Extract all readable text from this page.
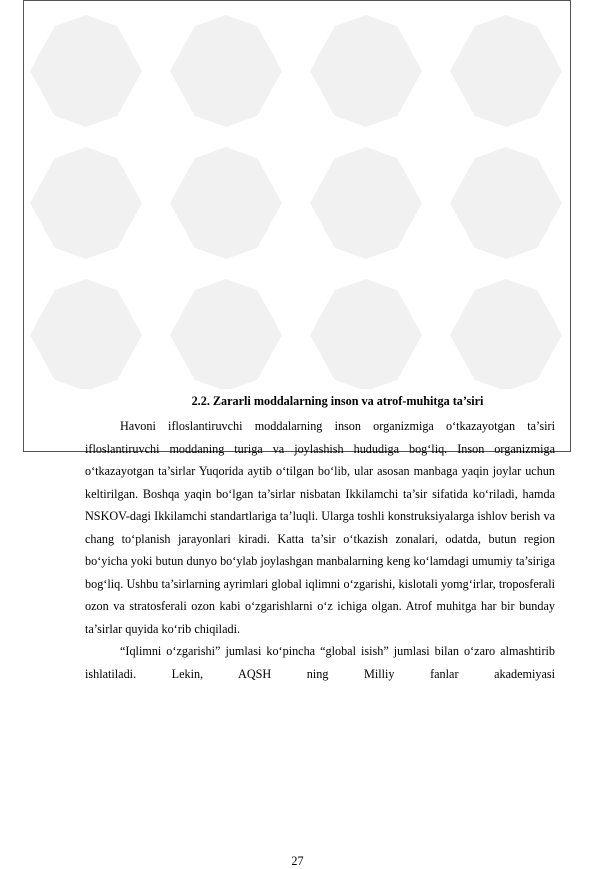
2.2. Zararli moddalarning inson va atrof-muhitga ta’siri

Havoni ifloslantiruvchi moddalarning inson organizmiga o‘tkazayotgan ta’siri ifloslantiruvchi moddaning turiga va joylashish hududiga bog‘liq. Inson organizmiga o‘tkazayotgan ta’sirlar Yuqorida aytib o‘tilgan bo‘lib, ular asosan manbaga yaqin joylar uchun keltirilgan. Boshqa yaqin bo‘lgan ta’sirlar nisbatan Ikkilamchi ta’sir sifatida ko‘riladi, hamda NSKOV-dagi Ikkilamchi standartlariga ta’luqli. Ularga toshli konstruksiyalarga ishlov berish va chang to‘planish jarayonlari kiradi. Katta ta’sir o‘tkazish zonalari, odatda, butun region bo‘yicha yoki butun dunyo bo‘ylab joylashgan manbalarning keng ko‘lamdagi umumiy ta’siriga bog‘liq. Ushbu ta’sirlarning ayrimlari global iqlimni o‘zgarishi, kislotali yomg‘irlar, troposferali ozon va stratosferali ozon kabi o‘zgarishlarni o‘z ichiga olgan. Atrof muhitga har bir bunday ta’sirlar quyida ko‘rib chiqiladi.

“Iqlimni o‘zgarishi” jumlasi ko‘pincha “global isish” jumlasi bilan o‘zaro almashtirib ishlatiladi. Lekin, AQSH ning Milliy fanlar akademiyasi

27
